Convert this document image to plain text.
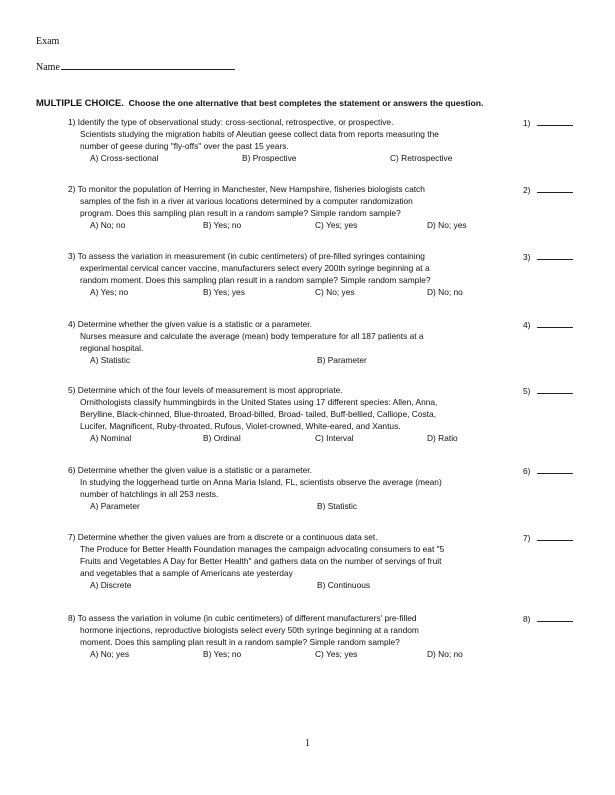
Exam
Name
MULTIPLE CHOICE. Choose the one alternative that best completes the statement or answers the question.
1) Identify the type of observational study: cross-sectional, retrospective, or prospective.
Scientists studying the migration habits of Aleutian geese collect data from reports measuring the
number of geese during "fly-offs" over the past 15 years.
A) Cross-sectional	B) Prospective	C) Retrospective
1)
2) To monitor the population of Herring in Manchester, New Hampshire, fisheries biologists catch
samples of the fish in a river at various locations determined by a computer randomization
program. Does this sampling plan result in a random sample? Simple random sample?
A) No; no	B) Yes; no	C) Yes; yes	D) No; yes
2)
3) To assess the variation in measurement (in cubic centimeters) of pre-filled syringes containing
experimental cervical cancer vaccine, manufacturers select every 200th syringe beginning at a
random moment. Does this sampling plan result in a random sample? Simple random sample?
A) Yes; no	B) Yes; yes	C) No; yes	D) No; no
3)
4) Determine whether the given value is a statistic or a parameter.
Nurses measure and calculate the average (mean) body temperature for all 187 patients at a
regional hospital.
A) Statistic	B) Parameter
4)
5) Determine which of the four levels of measurement is most appropriate.
Ornithologists classify hummingbirds in the United States using 17 different species: Allen, Anna,
Berylline, Black-chinned, Blue-throated, Broad-billed, Broad- tailed, Buff-bellied, Calliope, Costa,
Lucifer, Magnificent, Ruby-throated, Rufous, Violet-crowned, White-eared, and Xantus.
A) Nominal	B) Ordinal	C) Interval	D) Ratio
5)
6) Determine whether the given value is a statistic or a parameter.
In studying the loggerhead turtle on Anna Maria Island, FL, scientists observe the average (mean)
number of hatchlings in all 253 nests.
A) Parameter	B) Statistic
6)
7) Determine whether the given values are from a discrete or a continuous data set.
The Produce for Better Health Foundation manages the campaign advocating consumers to eat "5
Fruits and Vegetables A Day for Better Health" and gathers data on the number of servings of fruit
and vegetables that a sample of Americans ate yesterday
A) Discrete	B) Continuous
7)
8) To assess the variation in volume (in cubic centimeters) of different manufacturers' pre-filled
hormone injections, reproductive biologists select every 50th syringe beginning at a random
moment. Does this sampling plan result in a random sample? Simple random sample?
A) No; yes	B) Yes; no	C) Yes; yes	D) No; no
8)
1
